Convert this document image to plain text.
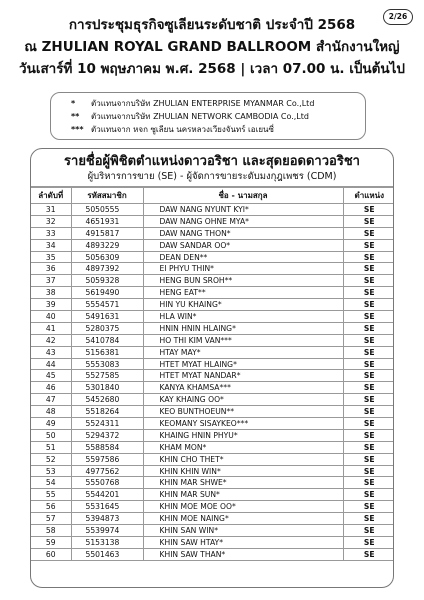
2/26
การประชุมธุรกิจซูเลียนระดับชาติ ประจำปี 2568
ณ ZHULIAN ROYAL GRAND BALLROOM สำนักงานใหญ่
วันเสาร์ที่ 10 พฤษภาคม พ.ศ. 2568 | เวลา 07.00 น. เป็นต้นไป
*	ตัวแทนจากบริษัท ZHULIAN ENTERPRISE MYANMAR Co.,Ltd
**	ตัวแทนจากบริษัท ZHULIAN NETWORK CAMBODIA Co.,Ltd
*** ตัวแทนจาก หจก ซูเลียน นครหลวงเวียงจันทร์ เอเยนซี่
รายชื่อผู้พิชิตตำแหน่งดาวอริชา และสุดยอดดาวอริชา
ผู้บริหารการขาย (SE) - ผู้จัดการขายระดับมงกุฎเพชร (CDM)
ลำดับที่	รหัสสมาชิก	ชื่อ - นามสกุล	ตำแหน่ง
31	5050555	DAW NANG NYUNT KYI*	SE
32	4651931	DAW NANG OHNE MYA*	SE
33	4915817	DAW NANG THON*	SE
34	4893229	DAW SANDAR OO*	SE
35	5056309	DEAN DEN**	SE
36	4897392	EI PHYU THIN*	SE
37	5059328	HENG BUN SROH**	SE
38	5619490	HENG EAT**	SE
39	5554571	HIN YU KHAING*	SE
40	5491631	HLA WIN*	SE
41	5280375	HNIN HNIN HLAING*	SE
42	5410784	HO THI KIM VAN***	SE
43	5156381	HTAY MAY*	SE
44	5553083	HTET MYAT HLAING*	SE
45	5527585	HTET MYAT NANDAR*	SE
46	5301840	KANYA KHAMSA***	SE
47	5452680	KAY KHAING OO*	SE
48	5518264	KEO BUNTHOEUN**	SE
49	5524311	KEOMANY SISAYKEO***	SE
50	5294372	KHAING HNIN PHYU*	SE
51	5588584	KHAM MON*	SE
52	5597586	KHIN CHO THET*	SE
53	4977562	KHIN KHIN WIN*	SE
54	5550768	KHIN MAR SHWE*	SE
55	5544201	KHIN MAR SUN*	SE
56	5531645	KHIN MOE MOE OO*	SE
57	5394873	KHIN MOE NAING*	SE
58	5539974	KHIN SAN WIN*	SE
59	5153138	KHIN SAW HTAY*	SE
60	5501463	KHIN SAW THAN*	SE
